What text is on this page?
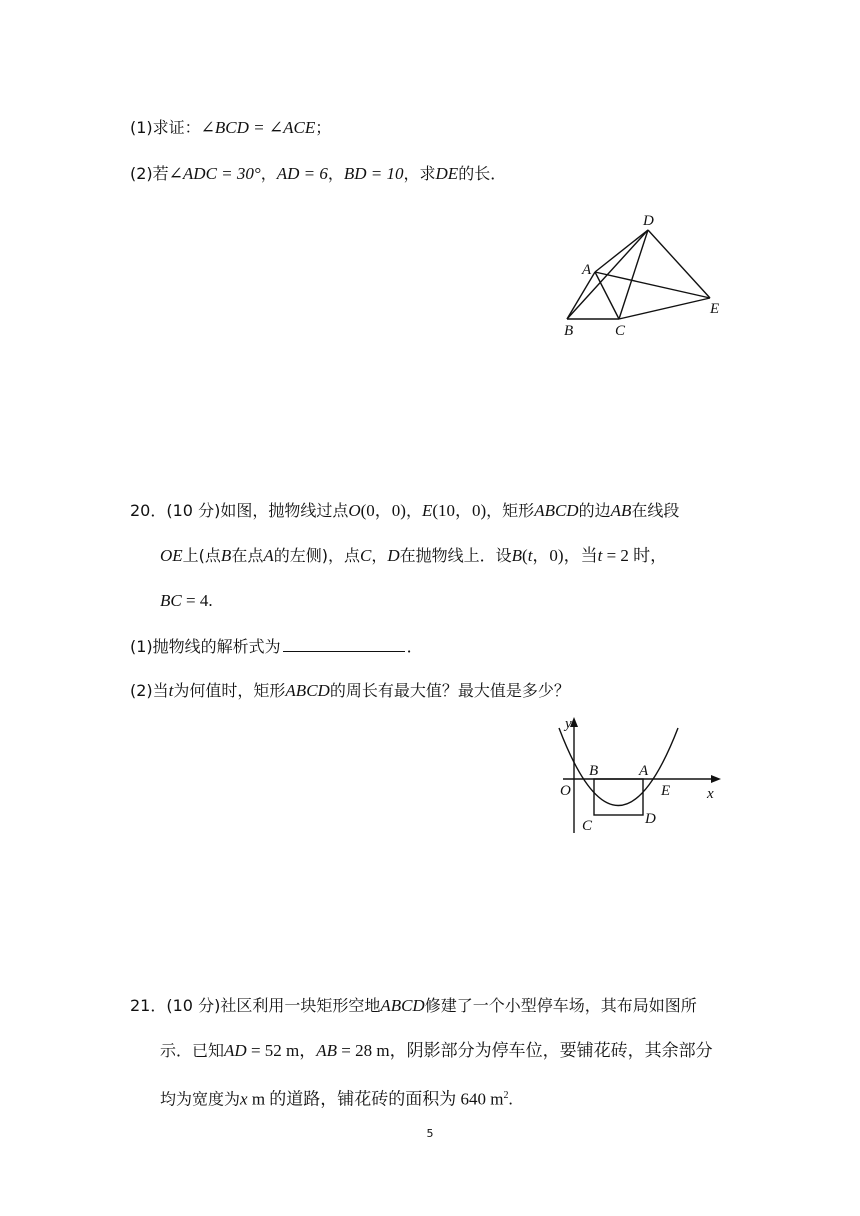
(1)求证：∠BCD = ∠ACE；
(2)若∠ADC = 30°，AD = 6，BD = 10，求DE的长．
D
A
B	C
E
20．(10 分)如图，抛物线过点O(0，0)，E(10，0)，矩形ABCD的边AB在线段
OE上(点B在点A的左侧)，点C，D在抛物线上．设B(t，0)，当t = 2 时，
BC = 4.
(1)抛物线的解析式为	．
(2)当t为何值时，矩形ABCD的周长有最大值？最大值是多少？
y
x
O
B	A
E
C	D
21．(10 分)社区利用一块矩形空地ABCD修建了一个小型停车场，其布局如图所
示．已知AD = 52 m，AB = 28 m，阴影部分为停车位，要铺花砖，其余部分
均为宽度为x m 的道路，铺花砖的面积为 640 $m^2$.
5
